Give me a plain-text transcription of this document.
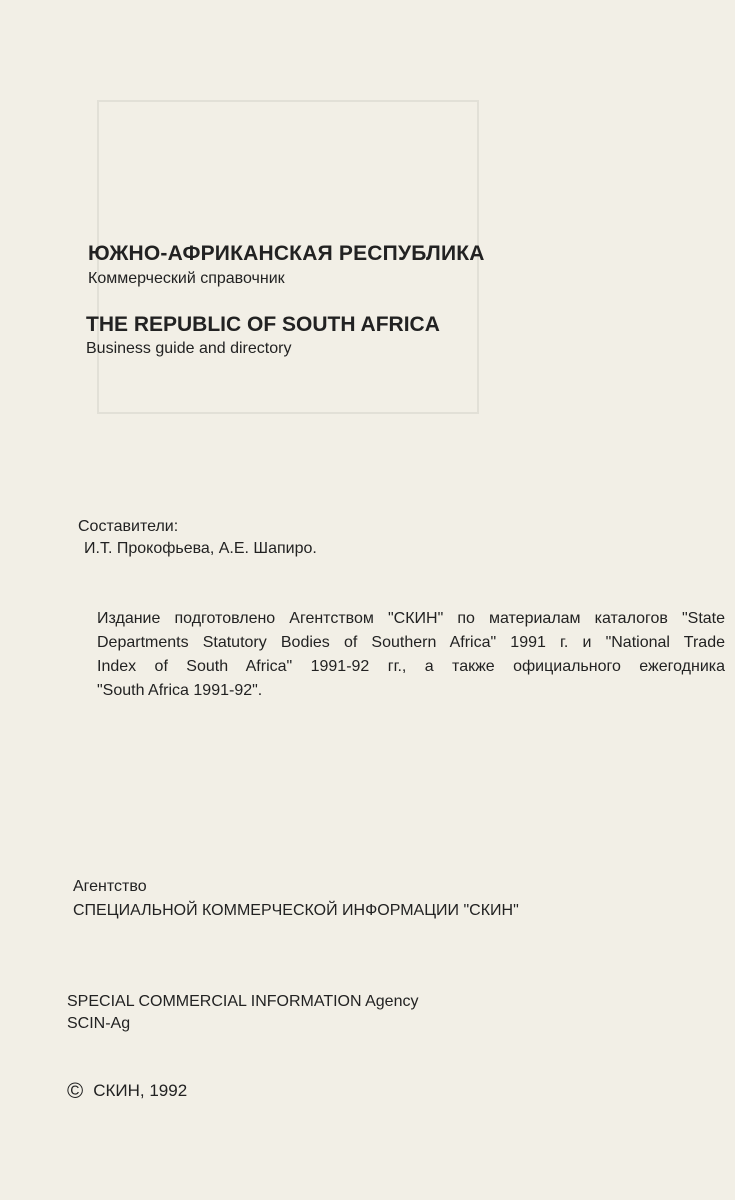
ЮЖНО-АФРИКАНСКАЯ РЕСПУБЛИКА
Коммерческий справочник
THE REPUBLIC OF SOUTH AFRICA
Business guide and directory
Составители:
И.Т. Прокофьева, А.Е. Шапиро.
Издание подготовлено Агентством "СКИН" по материалам каталогов "State
Departments Statutory Bodies of Southern Africa" 1991 г. и "National Trade
Index of South Africa" 1991-92 гг., а также официального ежегодника
"South Africa 1991-92".
Агентство
СПЕЦИАЛЬНОЙ КОММЕРЧЕСКОЙ ИНФОРМАЦИИ "СКИН"
SPECIAL COMMERCIAL INFORMATION Agency
SCIN-Ag
© СКИН, 1992
